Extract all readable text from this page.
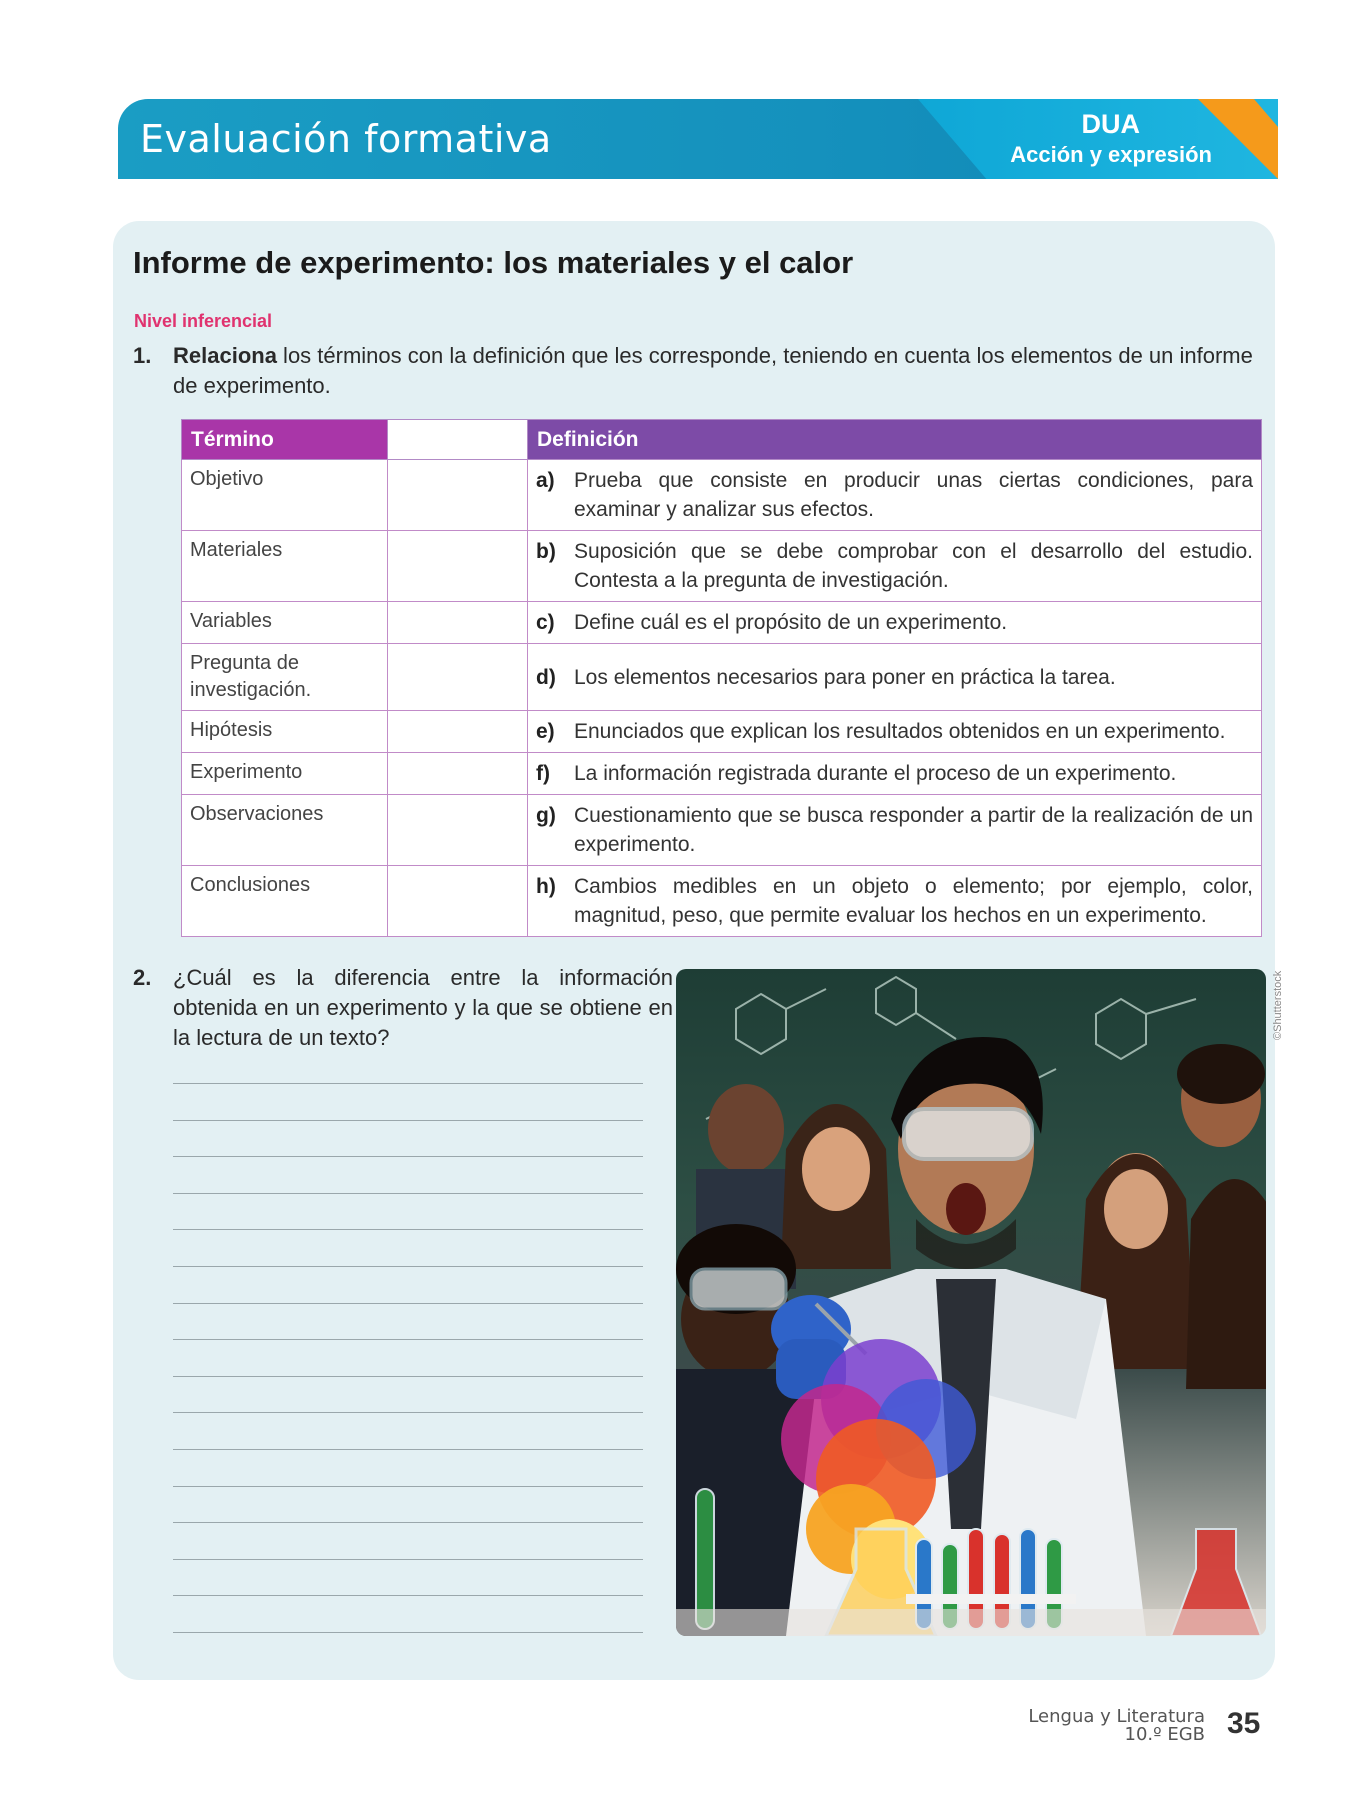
Evaluación formativa	DUA
Acción y expresión
Informe de experimento: los materiales y el calor
Nivel inferencial
1. Relaciona los términos con la definición que les corresponde, teniendo en cuenta los elementos de un informe de experimento.
Término		Definición
Objetivo		a) Prueba que consiste en producir unas ciertas condiciones, para examinar y analizar sus efectos.

Materiales		b) Suposición que se debe comprobar con el desarrollo del estudio. Contesta a la pregunta de investigación.

Variables		c) Define cuál es el propósito de un experimento.

Pregunta de investigación.		d) Los elementos necesarios para poner en práctica la tarea.

Hipótesis		e) Enunciados que explican los resultados obtenidos en un experimento.

Experimento		f) La información registrada durante el proceso de un experimento.

Observaciones		g) Cuestionamiento que se busca responder a partir de la realización de un experimento.

Conclusiones		h) Cambios medibles en un objeto o elemento; por ejemplo, color, magnitud, peso, que permite evaluar los hechos en un experimento.
2. ¿Cuál es la diferencia entre la información obtenida en un experimento y la que se obtiene en la lectura de un texto?	©Shutterstock
Lengua y Literatura
10.º EGB 35
